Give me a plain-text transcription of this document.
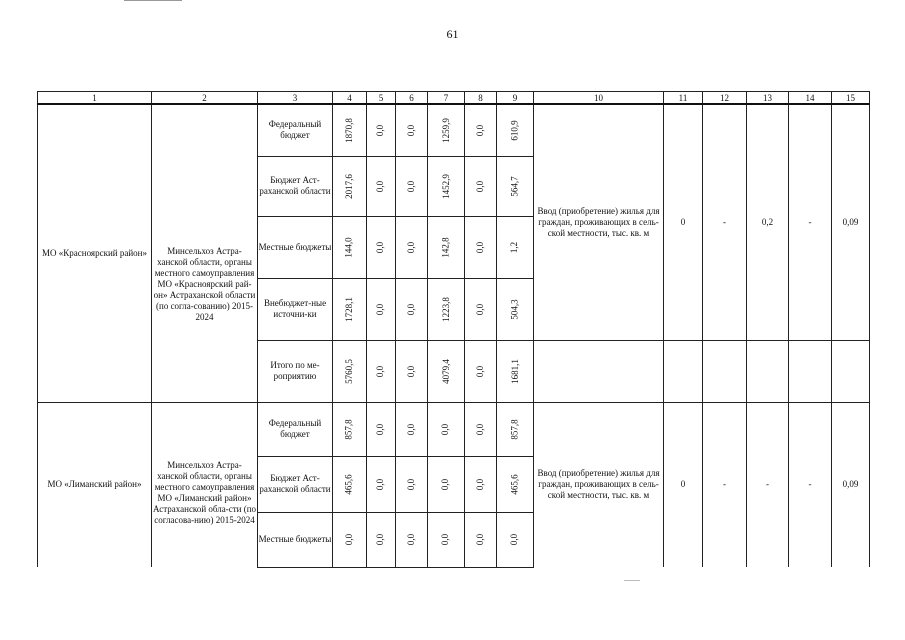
61
1	2	3	4	5	6	7	8	9	10	11	12	13	14	15
МО «Красноярский район»	Минсельхоз Астра-ханской области, органы местного самоуправления МО «Красноярский рай-он» Астраханской области (по согла-сованию) 2015-2024	Федеральный бюджет	1870,8	0,0	0,0	1259,9	0,0	610,9	Ввод (приобретение) жилья для граждан, проживающих в сель-ской местности, тыс. кв. м	0	-	0,2	-	0,09
		Бюджет Аст-раханской области	2017,6	0,0	0,0	1452,9	0,0	564,7						
		Местные бюджеты	144,0	0,0	0,0	142,8	0,0	1,2						
		Внебюджет-ные источни-ки	1728,1	0,0	0,0	1223,8	0,0	504,3						
		Итого по ме-роприятию	5760,5	0,0	0,0	4079,4	0,0	1681,1						
МО «Лиманский район»	Минсельхоз Астра-ханской области, органы местного самоуправления МО «Лиманский район» Астраханской обла-сти (по согласова-нию) 2015-2024	Федеральный бюджет	857,8	0,0	0,0	0,0	0,0	857,8	Ввод (приобретение) жилья для граждан, проживающих в сель-ской местности, тыс. кв. м	0	-	-	-	0,09
		Бюджет Аст-раханской области	465,6	0,0	0,0	0,0	0,0	465,6						
		Местные бюджеты	0,0	0,0	0,0	0,0	0,0	0,0						
